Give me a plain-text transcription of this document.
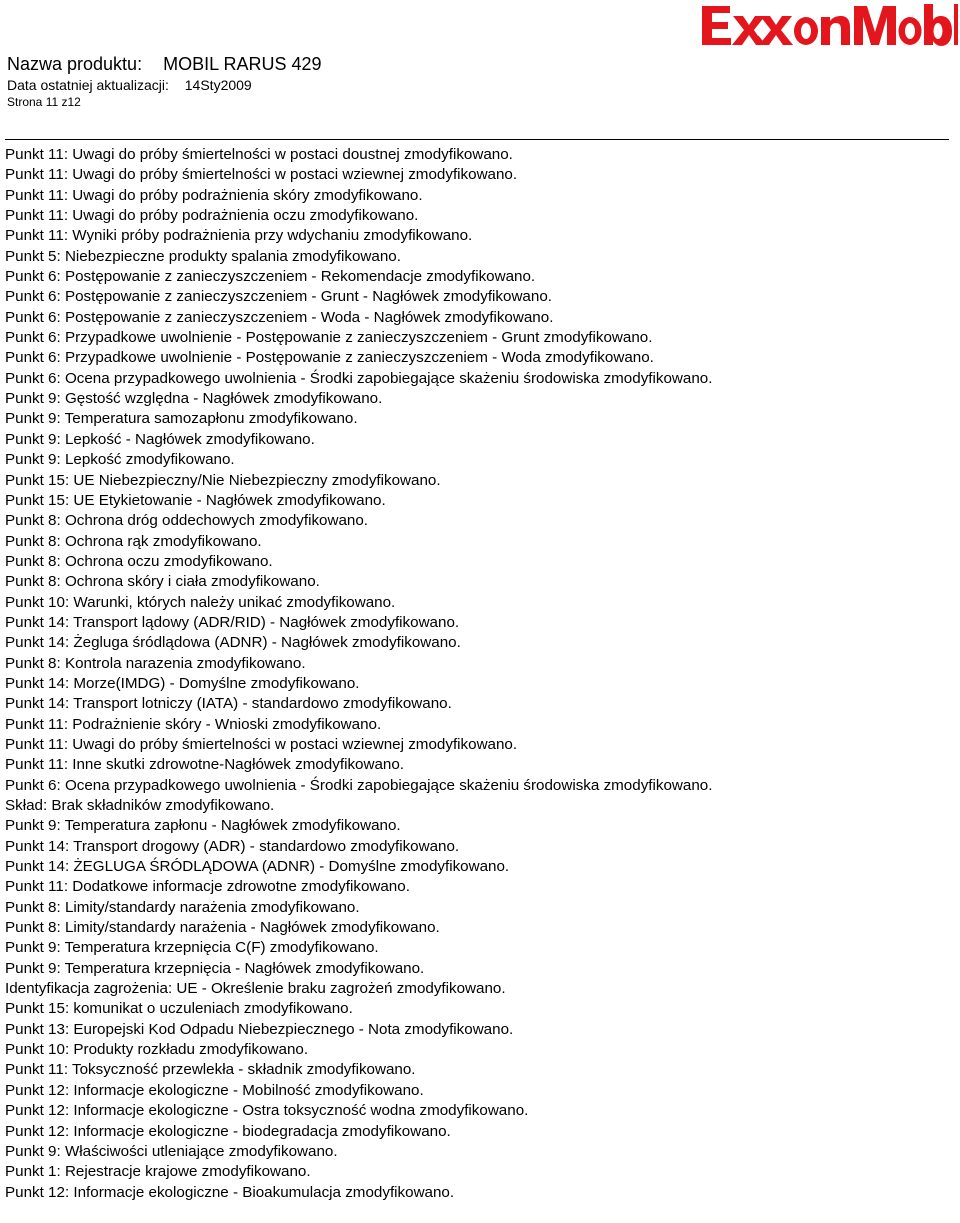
Nazwa produktu: MOBIL RARUS 429
Data ostatniej aktualizacji: 14Sty2009
Strona 11 z12
Punkt 11: Uwagi do próby śmiertelności w postaci doustnej zmodyfikowano.
Punkt 11: Uwagi do próby śmiertelności w postaci wziewnej zmodyfikowano.
Punkt 11: Uwagi do próby podrażnienia skóry zmodyfikowano.
Punkt 11: Uwagi do próby podrażnienia oczu zmodyfikowano.
Punkt 11: Wyniki próby podrażnienia przy wdychaniu zmodyfikowano.
Punkt 5: Niebezpieczne produkty spalania zmodyfikowano.
Punkt 6: Postępowanie z zanieczyszczeniem - Rekomendacje zmodyfikowano.
Punkt 6: Postępowanie z zanieczyszczeniem - Grunt - Nagłówek zmodyfikowano.
Punkt 6: Postępowanie z zanieczyszczeniem - Woda - Nagłówek zmodyfikowano.
Punkt 6: Przypadkowe uwolnienie - Postępowanie z zanieczyszczeniem - Grunt zmodyfikowano.
Punkt 6: Przypadkowe uwolnienie - Postępowanie z zanieczyszczeniem - Woda zmodyfikowano.
Punkt 6: Ocena przypadkowego uwolnienia - Środki zapobiegające skażeniu środowiska zmodyfikowano.
Punkt 9: Gęstość względna - Nagłówek zmodyfikowano.
Punkt 9: Temperatura samozapłonu zmodyfikowano.
Punkt 9: Lepkość - Nagłówek zmodyfikowano.
Punkt 9: Lepkość zmodyfikowano.
Punkt 15: UE Niebezpieczny/Nie Niebezpieczny zmodyfikowano.
Punkt 15: UE Etykietowanie - Nagłówek zmodyfikowano.
Punkt 8: Ochrona dróg oddechowych zmodyfikowano.
Punkt 8: Ochrona rąk zmodyfikowano.
Punkt 8: Ochrona oczu zmodyfikowano.
Punkt 8: Ochrona skóry i ciała zmodyfikowano.
Punkt 10: Warunki, których należy unikać zmodyfikowano.
Punkt 14: Transport lądowy (ADR/RID) - Nagłówek zmodyfikowano.
Punkt 14: Żegluga śródlądowa (ADNR) - Nagłówek zmodyfikowano.
Punkt 8: Kontrola narazenia zmodyfikowano.
Punkt 14: Morze(IMDG) - Domyślne zmodyfikowano.
Punkt 14: Transport lotniczy (IATA) - standardowo zmodyfikowano.
Punkt 11: Podrażnienie skóry - Wnioski zmodyfikowano.
Punkt 11: Uwagi do próby śmiertelności w postaci wziewnej zmodyfikowano.
Punkt 11: Inne skutki zdrowotne-Nagłówek zmodyfikowano.
Punkt 6: Ocena przypadkowego uwolnienia - Środki zapobiegające skażeniu środowiska zmodyfikowano.
Skład: Brak składników zmodyfikowano.
Punkt 9: Temperatura zapłonu - Nagłówek zmodyfikowano.
Punkt 14: Transport drogowy (ADR) - standardowo zmodyfikowano.
Punkt 14: ŻEGLUGA ŚRÓDLĄDOWA (ADNR) - Domyślne zmodyfikowano.
Punkt 11: Dodatkowe informacje zdrowotne zmodyfikowano.
Punkt 8: Limity/standardy narażenia zmodyfikowano.
Punkt 8: Limity/standardy narażenia - Nagłówek zmodyfikowano.
Punkt 9: Temperatura krzepnięcia C(F) zmodyfikowano.
Punkt 9: Temperatura krzepnięcia - Nagłówek zmodyfikowano.
Identyfikacja zagrożenia: UE - Określenie braku zagrożeń zmodyfikowano.
Punkt 15: komunikat o uczuleniach zmodyfikowano.
Punkt 13: Europejski Kod Odpadu Niebezpiecznego - Nota zmodyfikowano.
Punkt 10: Produkty rozkładu zmodyfikowano.
Punkt 11: Toksyczność przewlekła - składnik zmodyfikowano.
Punkt 12: Informacje ekologiczne - Mobilność zmodyfikowano.
Punkt 12: Informacje ekologiczne - Ostra toksyczność wodna zmodyfikowano.
Punkt 12: Informacje ekologiczne - biodegradacja zmodyfikowano.
Punkt 9: Właściwości utleniające zmodyfikowano.
Punkt 1: Rejestracje krajowe zmodyfikowano.
Punkt 12: Informacje ekologiczne - Bioakumulacja zmodyfikowano.
